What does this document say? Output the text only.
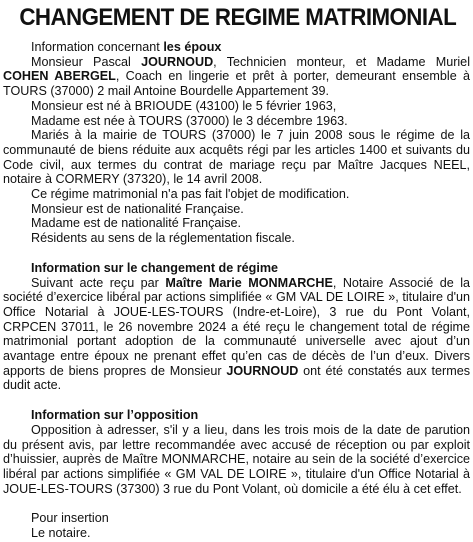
CHANGEMENT DE REGIME MATRIMONIAL

Information concernant les époux

Monsieur Pascal JOURNOUD, Technicien monteur, et Madame Muriel COHEN ABERGEL, Coach en lingerie et prêt à porter, demeurant ensemble à TOURS (37000) 2 mail Antoine Bourdelle Appartement 39.

Monsieur est né à BRIOUDE (43100) le 5 février 1963,

Madame est née à TOURS (37000) le 3 décembre 1963.

Mariés à la mairie de TOURS (37000) le 7 juin 2008 sous le régime de la communauté de biens réduite aux acquêts régi par les articles 1400 et suivants du Code civil, aux termes du contrat de mariage reçu par Maître Jacques NEEL, notaire à CORMERY (37320), le 14 avril 2008.

Ce régime matrimonial n'a pas fait l'objet de modification.

Monsieur est de nationalité Française.

Madame est de nationalité Française.

Résidents au sens de la réglementation fiscale.

Information sur le changement de régime

Suivant acte reçu par Maître Marie MONMARCHE, Notaire Associé de la société d’exercice libéral par actions simplifiée « GM VAL DE LOIRE », titulaire d'un Office Notarial à JOUE-LES-TOURS (Indre-et-Loire), 3 rue du Pont Volant, CRPCEN 37011, le 26 novembre 2024 a été reçu le changement total de régime matrimonial portant adoption de la communauté universelle avec ajout d’un avantage entre époux ne prenant effet qu’en cas de décès de l’un d’eux. Divers apports de biens propres de Monsieur JOURNOUD ont été constatés aux termes dudit acte.

Information sur l’opposition

Opposition à adresser, s'il y a lieu, dans les trois mois de la date de parution du présent avis, par lettre recommandée avec accusé de réception ou par exploit d’huissier, auprès de Maître MONMARCHE, notaire au sein de la société d’exercice libéral par actions simplifiée « GM VAL DE LOIRE », titulaire d'un Office Notarial à JOUE-LES-TOURS (37300) 3 rue du Pont Volant, où domicile a été élu à cet effet.

Pour insertion

Le notaire.
